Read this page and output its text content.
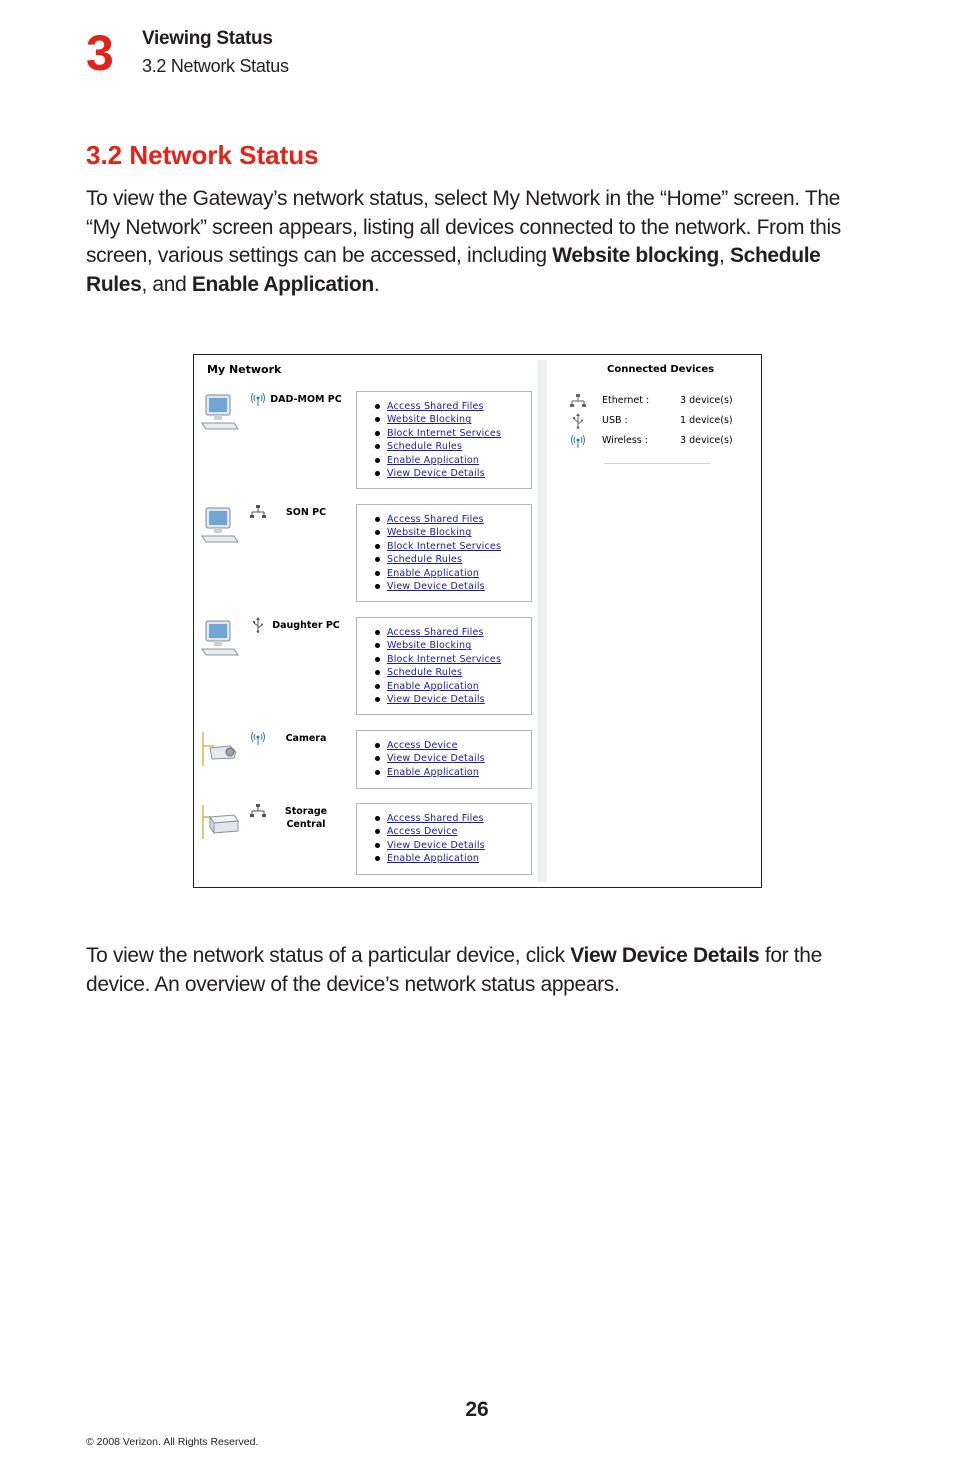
3 Viewing Status
3.2 Network Status
3.2 Network Status

To view the Gateway’s network status, select My Network in the “Home” screen. The “My Network” screen appears, listing all devices connected to the network. From this screen, various settings can be accessed, including Website blocking, Schedule Rules, and Enable Application.

My Network
DAD-MOM PC
Access Shared Files
Website Blocking
Block Internet Services
Schedule Rules
Enable Application
View Device Details
SON PC
Access Shared Files
Website Blocking
Block Internet Services
Schedule Rules
Enable Application
View Device Details
Daughter PC
Access Shared Files
Website Blocking
Block Internet Services
Schedule Rules
Enable Application
View Device Details
Camera
Access Device
View Device Details
Enable Application
Storage
Central
Access Shared Files
Access Device
View Device Details
Enable Application
Connected Devices
Ethernet :	3 device(s)
USB :	1 device(s)
Wireless :	3 device(s)

To view the network status of a particular device, click View Device Details for the device. An overview of the device’s network status appears.

26
© 2008 Verizon. All Rights Reserved.
